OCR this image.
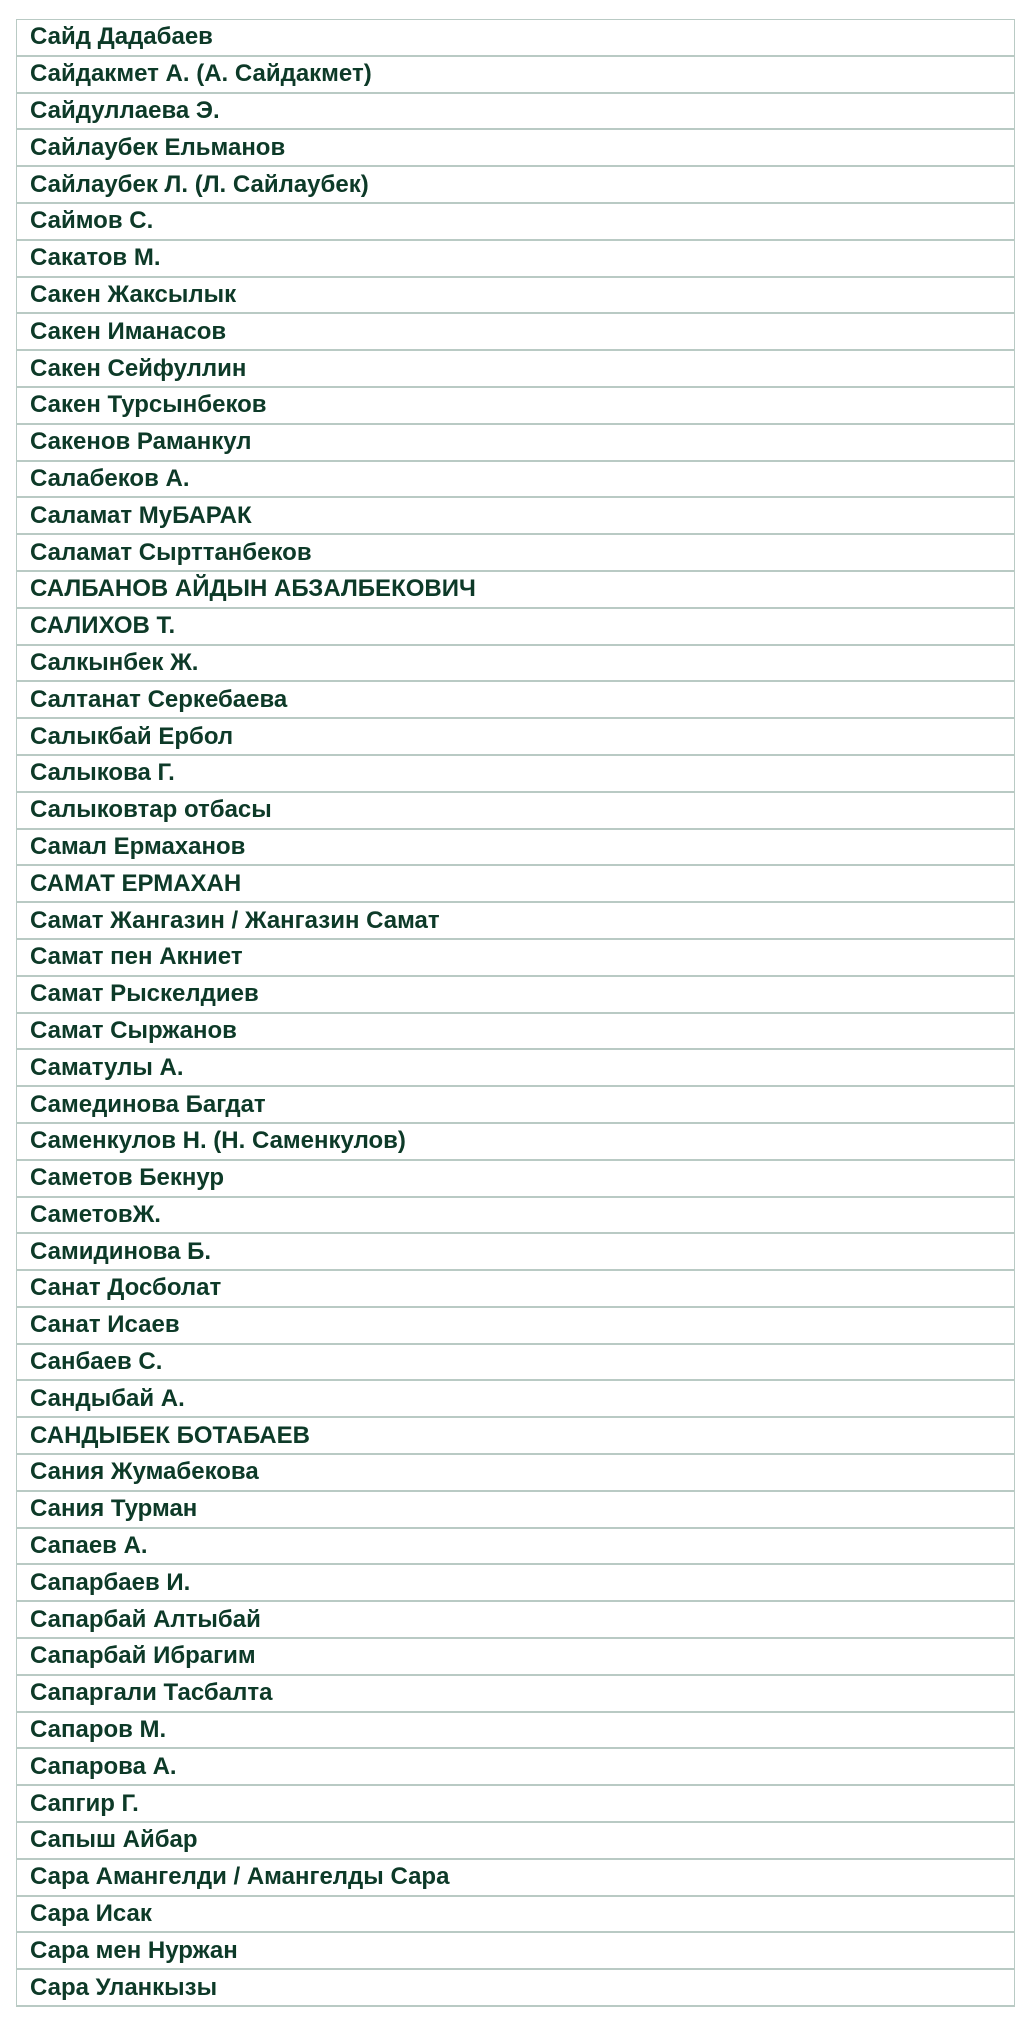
Сайд Дадабаев
Сайдакмет А. (А. Сайдакмет)
Сайдуллаева Э.
Сайлаубек Ельманов
Сайлаубек Л. (Л. Сайлаубек)
Саймов С.
Сакатов М.
Сакен Жаксылык
Сакен Иманасов
Сакен Сейфуллин
Сакен Турсынбеков
Сакенов Раманкул
Салабеков А.
Саламат МуБАРАК
Саламат Сырттанбеков
САЛБАНОВ АЙДЫН АБЗАЛБЕКОВИЧ
САЛИХОВ Т.
Салкынбек Ж.
Салтанат Серкебаева
Салыкбай Ербол
Салыкова Г.
Салыковтар отбасы
Самал Ермаханов
САМАТ ЕРМАХАН
Самат Жангазин / Жангазин Самат
Самат пен Акниет
Самат Рыскелдиев
Самат Сыржанов
Саматулы А.
Самединова Багдат
Саменкулов Н. (Н. Саменкулов)
Саметов Бекнур
СаметовЖ.
Самидинова Б.
Санат Досболат
Санат Исаев
Санбаев С.
Сандыбай А.
САНДЫБЕК БОТАБАЕВ
Сания Жумабекова
Сания Турман
Сапаев А.
Сапарбаев И.
Сапарбай Алтыбай
Сапарбай Ибрагим
Сапаргали Тасбалта
Сапаров М.
Сапарова А.
Сапгир Г.
Сапыш Айбар
Сара Амангелди / Амангелды Сара
Сара Исак
Сара мен Нуржан
Сара Уланкызы
